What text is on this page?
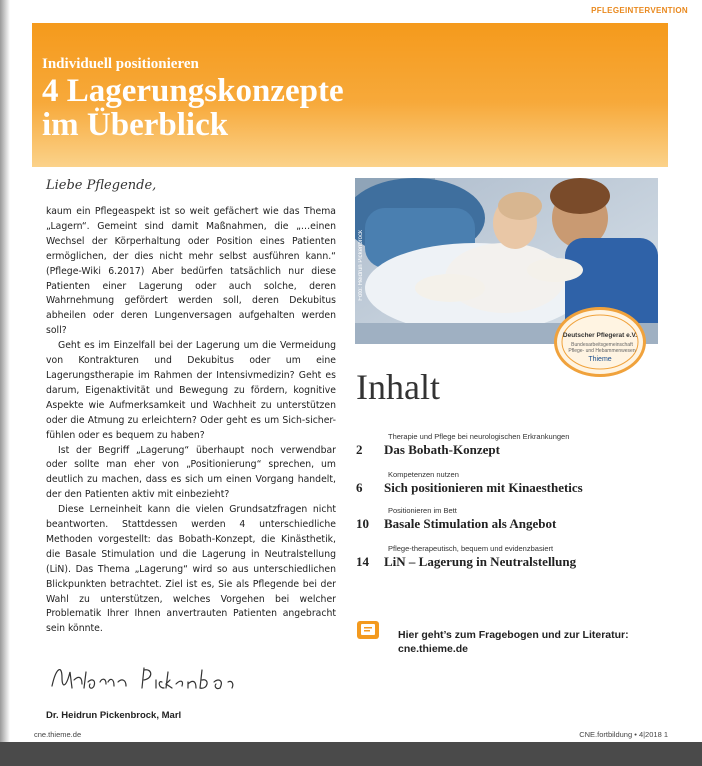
PFLEGEINTERVENTION
Individuell positionieren
4 Lagerungskonzepte
im Überblick
Liebe Pflegende,

kaum ein Pflegeaspekt ist so weit gefächert wie das Thema „Lagern“. Gemeint sind damit Maßnahmen, die „…einen Wechsel der Körperhaltung oder Position eines Patienten ermöglichen, der dies nicht mehr selbst ausführen kann.“ (Pflege-Wiki 6.2017) Aber bedürfen tatsächlich nur diese Patienten einer Lagerung oder auch solche, deren Wahrnehmung gefördert werden soll, deren Dekubitus abheilen oder deren Lungenversagen aufgehalten werden soll?

Geht es im Einzelfall bei der Lagerung um die Vermeidung von Kontrakturen und Dekubitus oder um eine Lagerungstherapie im Rahmen der Intensivmedizin? Geht es darum, Eigenaktivität und Bewegung zu fördern, kognitive Aspekte wie Aufmerksamkeit und Wachheit zu unterstützen oder die Atmung zu erleichtern? Oder geht es um Sich-sicher-fühlen oder es bequem zu haben?

Ist der Begriff „Lagerung“ überhaupt noch verwendbar oder sollte man eher von „Positionierung“ sprechen, um deutlich zu machen, dass es sich um einen Vorgang handelt, der den Patienten aktiv mit einbezieht?

Diese Lerneinheit kann die vielen Grundsatzfragen nicht beantworten. Stattdessen werden 4 unterschiedliche Methoden vorgestellt: das Bobath-Konzept, die Kinästhetik, die Basale Stimulation und die Lagerung in Neutralstellung (LiN). Das Thema „Lagerung“ wird so aus unterschiedlichen Blickpunkten betrachtet. Ziel ist es, Sie als Pflegende bei der Wahl zu unterstützen, welches Vorgehen bei welcher Problematik Ihrer Ihnen anvertrauten Patienten angebracht sein könnte.

Dr. Heidrun Pickenbrock, Marl
Foto: Heidrun Pickenbrock
Deutscher Pflegerat e.V.
Bundesarbeitsgemeinschaft Pflege- und Hebammenwesen
Thieme
Inhalt
Therapie und Pflege bei neurologischen Erkrankungen
2 Das Bobath-Konzept
Kompetenzen nutzen
6 Sich positionieren mit Kinaesthetics
Positionieren im Bett
10 Basale Stimulation als Angebot
Pflege-therapeutisch, bequem und evidenzbasiert
14 LiN – Lagerung in Neutralstellung
Hier geht’s zum Fragebogen und zur Literatur:
cne.thieme.de
cne.thieme.de	CNE.fortbildung • 4|2018 1
